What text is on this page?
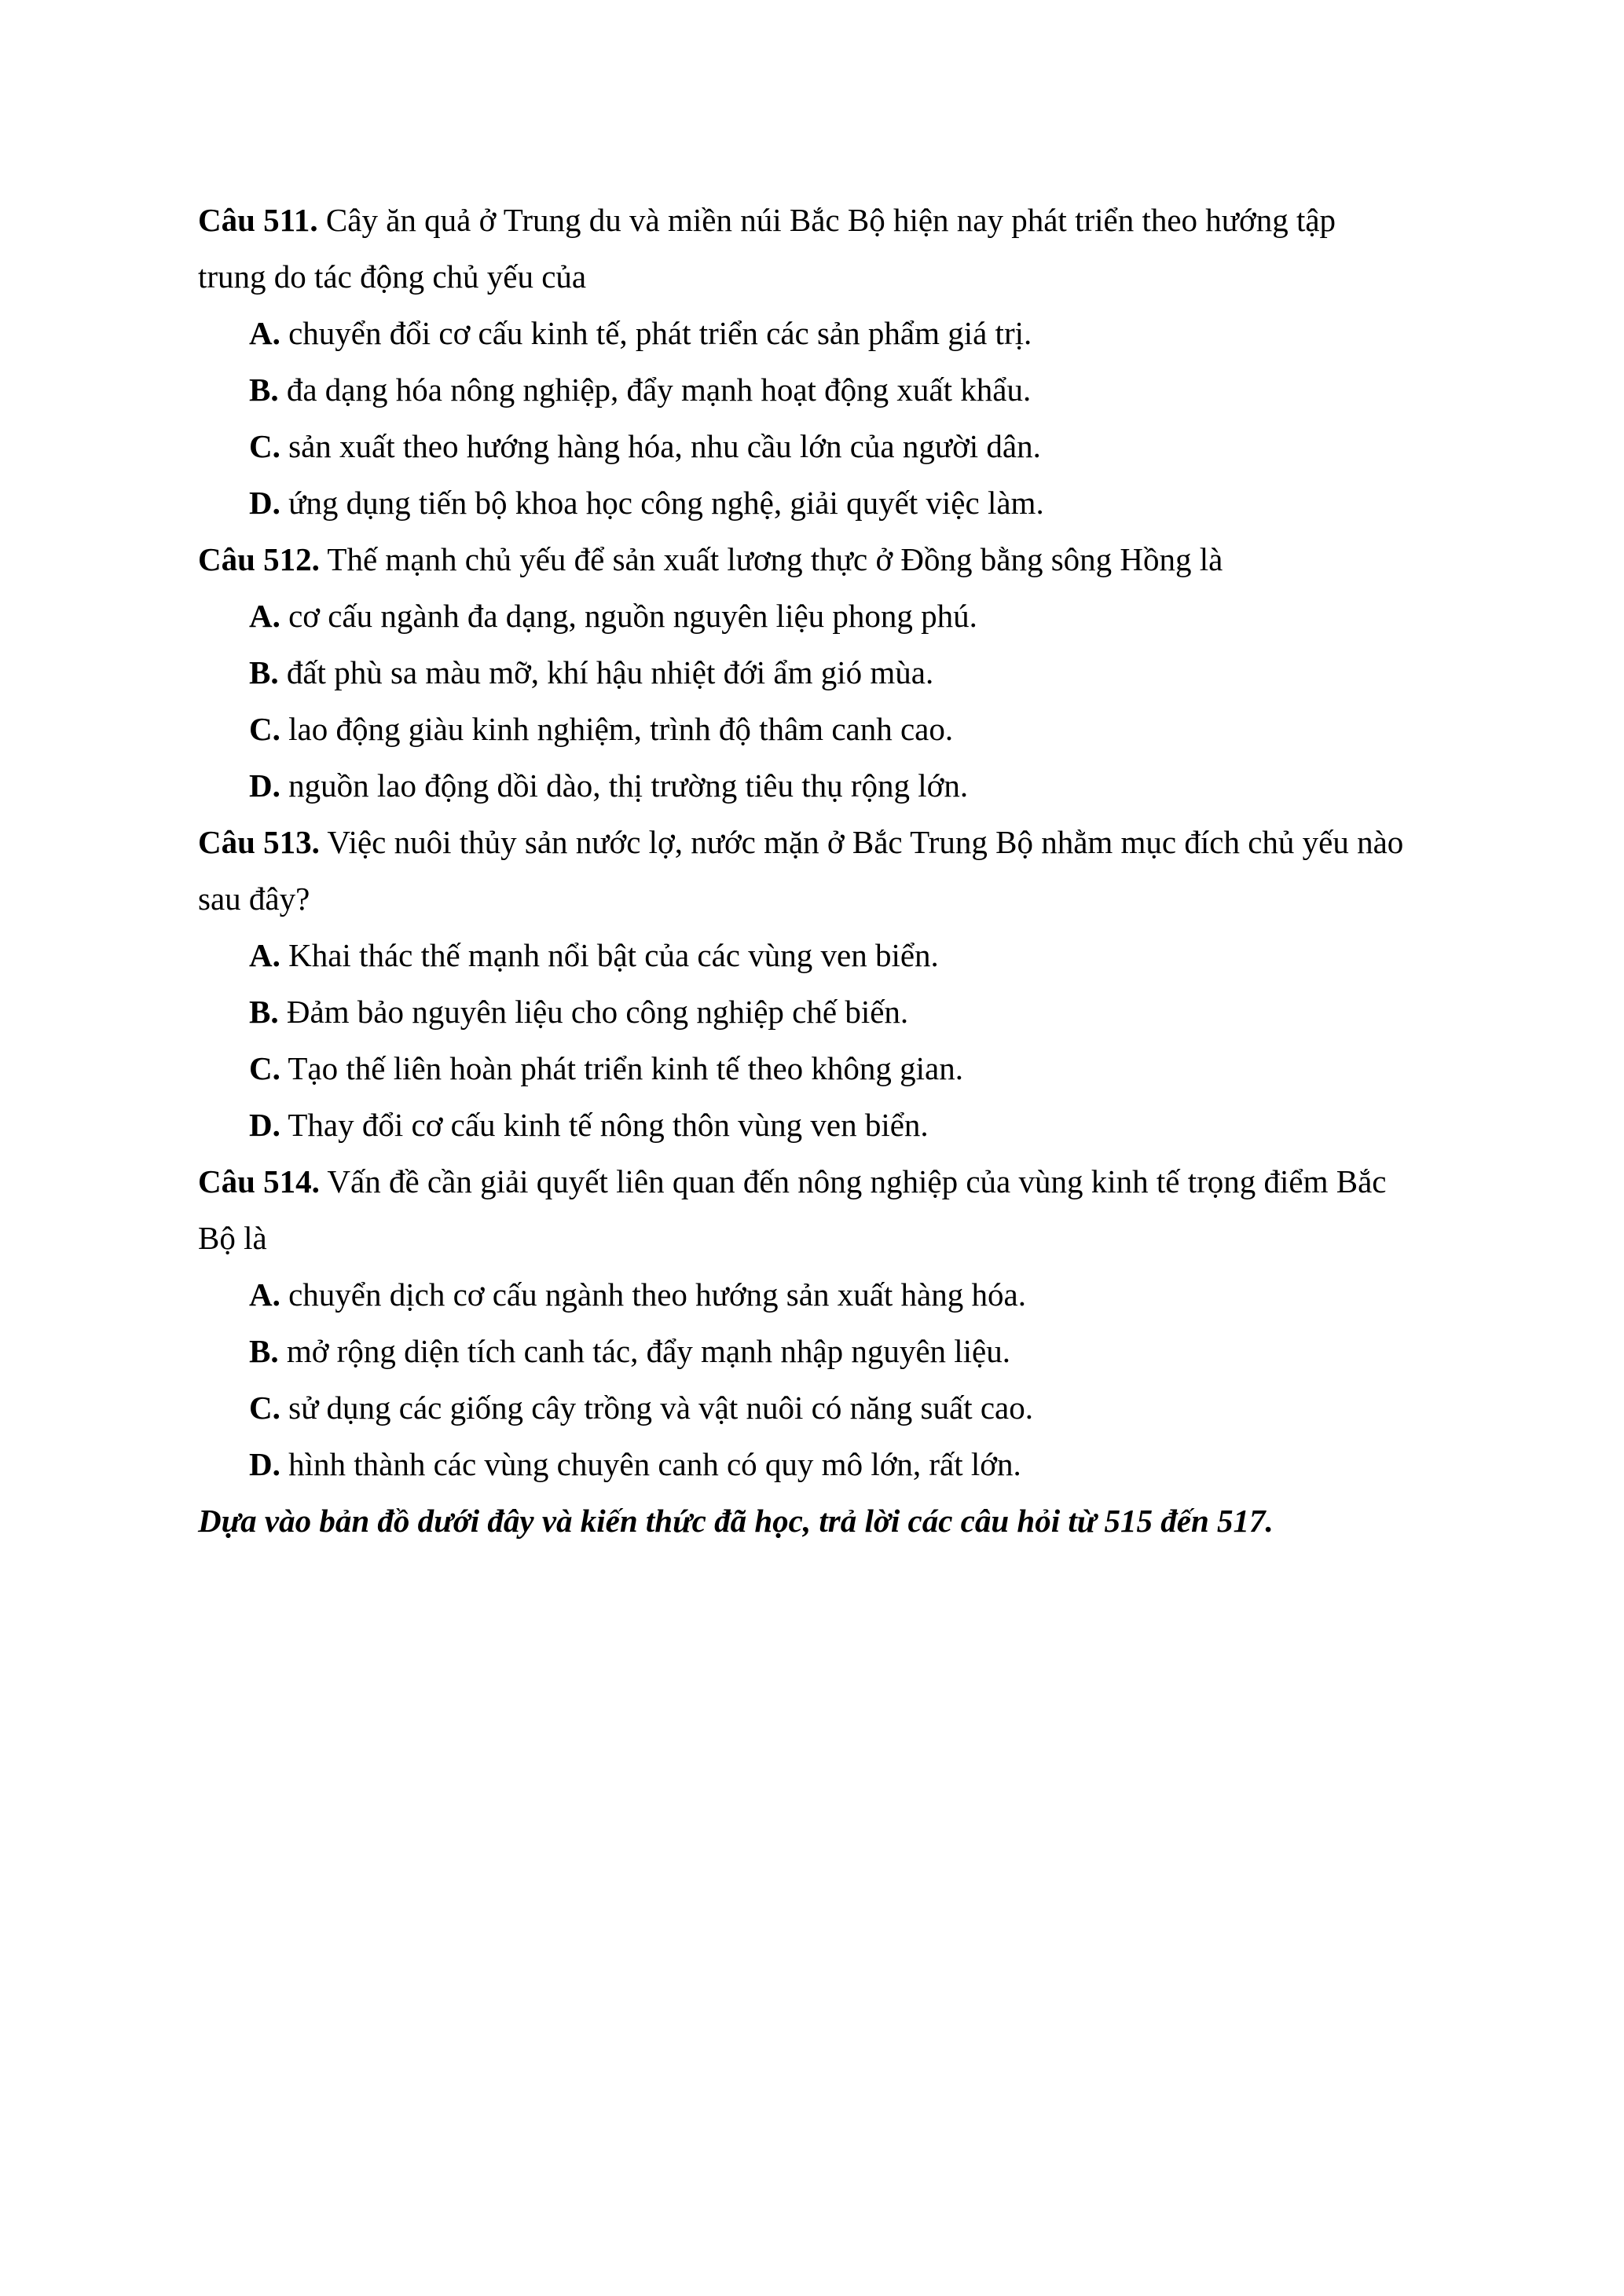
Câu 511. Cây ăn quả ở Trung du và miền núi Bắc Bộ hiện nay phát triển theo hướng tập
trung do tác động chủ yếu của
A. chuyển đổi cơ cấu kinh tế, phát triển các sản phẩm giá trị.
B. đa dạng hóa nông nghiệp, đẩy mạnh hoạt động xuất khẩu.
C. sản xuất theo hướng hàng hóa, nhu cầu lớn của người dân.
D. ứng dụng tiến bộ khoa học công nghệ, giải quyết việc làm.
Câu 512. Thế mạnh chủ yếu để sản xuất lương thực ở Đồng bằng sông Hồng là
A. cơ cấu ngành đa dạng, nguồn nguyên liệu phong phú.
B. đất phù sa màu mỡ, khí hậu nhiệt đới ẩm gió mùa.
C. lao động giàu kinh nghiệm, trình độ thâm canh cao.
D. nguồn lao động dồi dào, thị trường tiêu thụ rộng lớn.
Câu 513. Việc nuôi thủy sản nước lợ, nước mặn ở Bắc Trung Bộ nhằm mục đích chủ yếu nào
sau đây?
A. Khai thác thế mạnh nổi bật của các vùng ven biển.
B. Đảm bảo nguyên liệu cho công nghiệp chế biến.
C. Tạo thế liên hoàn phát triển kinh tế theo không gian.
D. Thay đổi cơ cấu kinh tế nông thôn vùng ven biển.
Câu 514. Vấn đề cần giải quyết liên quan đến nông nghiệp của vùng kinh tế trọng điểm Bắc
Bộ là
A. chuyển dịch cơ cấu ngành theo hướng sản xuất hàng hóa.
B. mở rộng diện tích canh tác, đẩy mạnh nhập nguyên liệu.
C. sử dụng các giống cây trồng và vật nuôi có năng suất cao.
D. hình thành các vùng chuyên canh có quy mô lớn, rất lớn.
Dựa vào bản đồ dưới đây và kiến thức đã học, trả lời các câu hỏi từ 515 đến 517.
